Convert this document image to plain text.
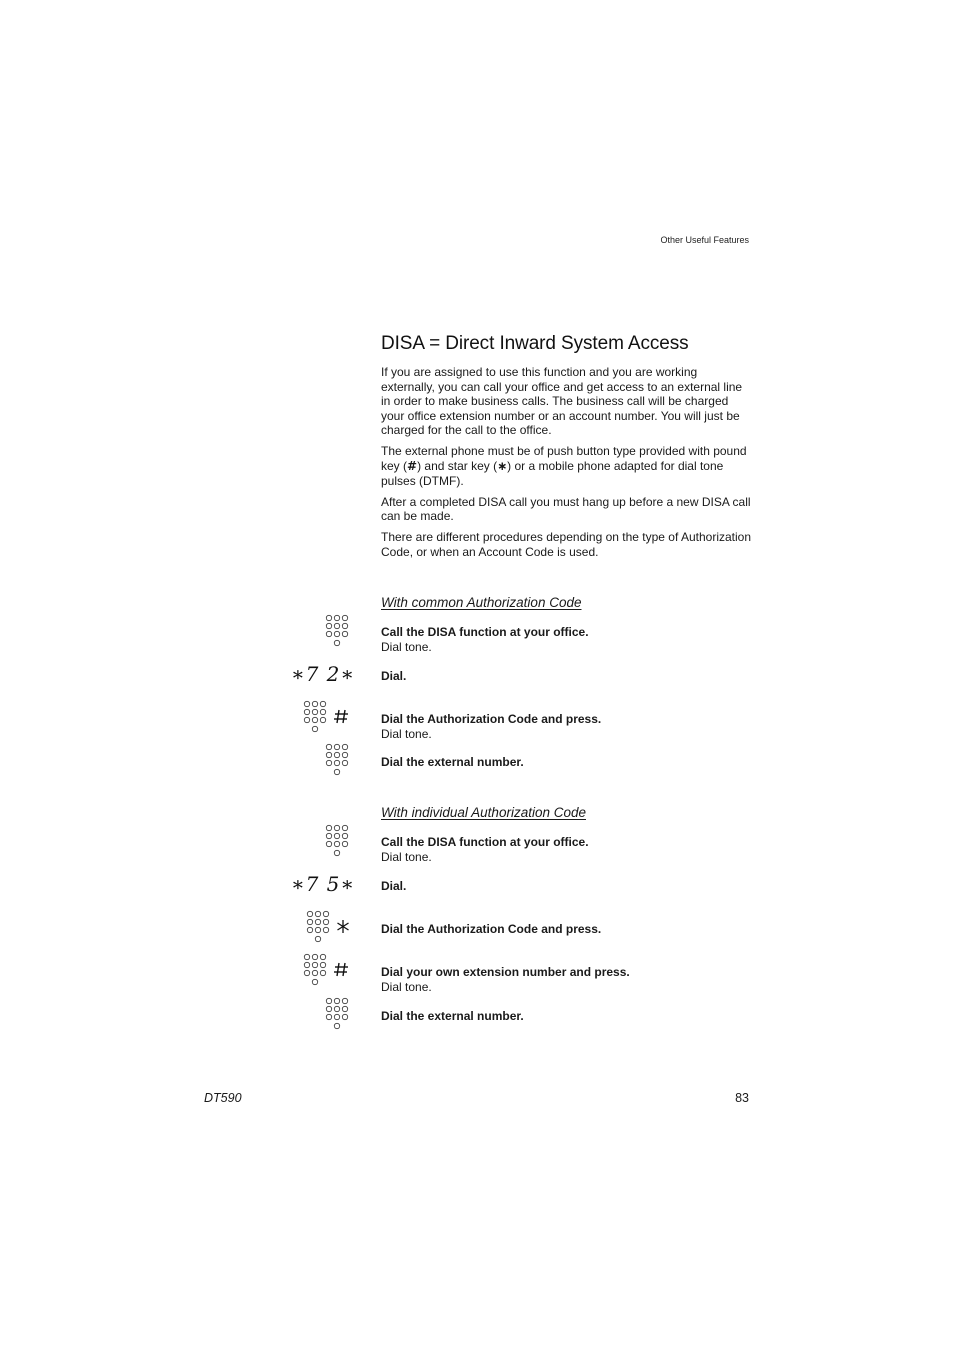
Other Useful Features
DISA = Direct Inward System Access

If you are assigned to use this function and you are working externally, you can call your office and get access to an external line in order to make business calls. The business call will be charged your office extension number or an account number. You will just be charged for the call to the office.

The external phone must be of push button type provided with pound key (#) and star key (∗) or a mobile phone adapted for dial tone pulses (DTMF).

After a completed DISA call you must hang up before a new DISA call can be made.

There are different procedures depending on the type of Authorization Code, or when an Account Code is used.

With common Authorization Code
Call the DISA function at your office.
Dial tone.
∗7 2∗ Dial.
Dial the Authorization Code and press.
Dial tone.
Dial the external number.
With individual Authorization Code
Call the DISA function at your office.
Dial tone.
∗7 5∗ Dial.
Dial the Authorization Code and press.
Dial your own extension number and press.
Dial tone.
Dial the external number.
DT590	83
